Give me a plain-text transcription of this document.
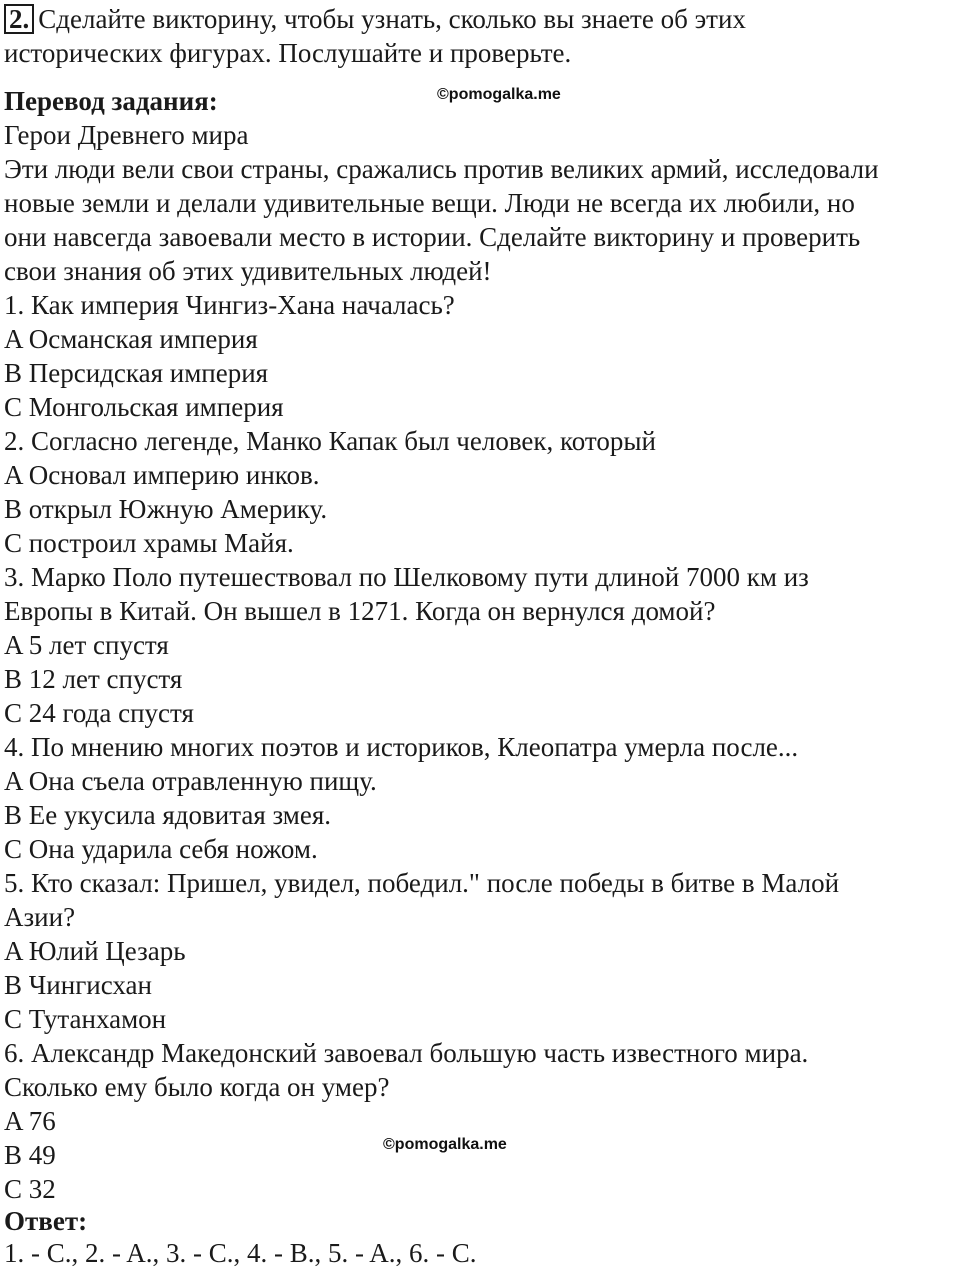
2. Сделайте викторину, чтобы узнать, сколько вы знаете об этих
исторических фигурах. Послушайте и проверьте.
Перевод задания:	©pomogalka.me
Герои Древнего мира
Эти люди вели свои страны, сражались против великих армий, исследовали
новые земли и делали удивительные вещи. Люди не всегда их любили, но
они навсегда завоевали место в истории. Сделайте викторину и проверить
свои знания об этих удивительных людей!
1. Как империя Чингиз-Хана началась?
A Османская империя
B Персидская империя
C Монгольская империя
2. Согласно легенде, Манко Капак был человек, который
A Основал империю инков.
B открыл Южную Америку.
C построил храмы Майя.
3. Марко Поло путешествовал по Шелковому пути длиной 7000 км из
Европы в Китай. Он вышел в 1271. Когда он вернулся домой?
A 5 лет спустя
B 12 лет спустя
C 24 года спустя
4. По мнению многих поэтов и историков, Клеопатра умерла после...
A Она съела отравленную пищу.
B Ее укусила ядовитая змея.
C Она ударила себя ножом.
5. Кто сказал: Пришел, увидел, победил." после победы в битве в Малой
Азии?
A Юлий Цезарь
B Чингисхан
C Тутанхамон
6. Александр Македонский завоевал большую часть известного мира.
Сколько ему было когда он умер?
A 76
B 49
C 32
©pomogalka.me
Ответ:
1. - C., 2. - A., 3. - C., 4. - B., 5. - A., 6. - C.
